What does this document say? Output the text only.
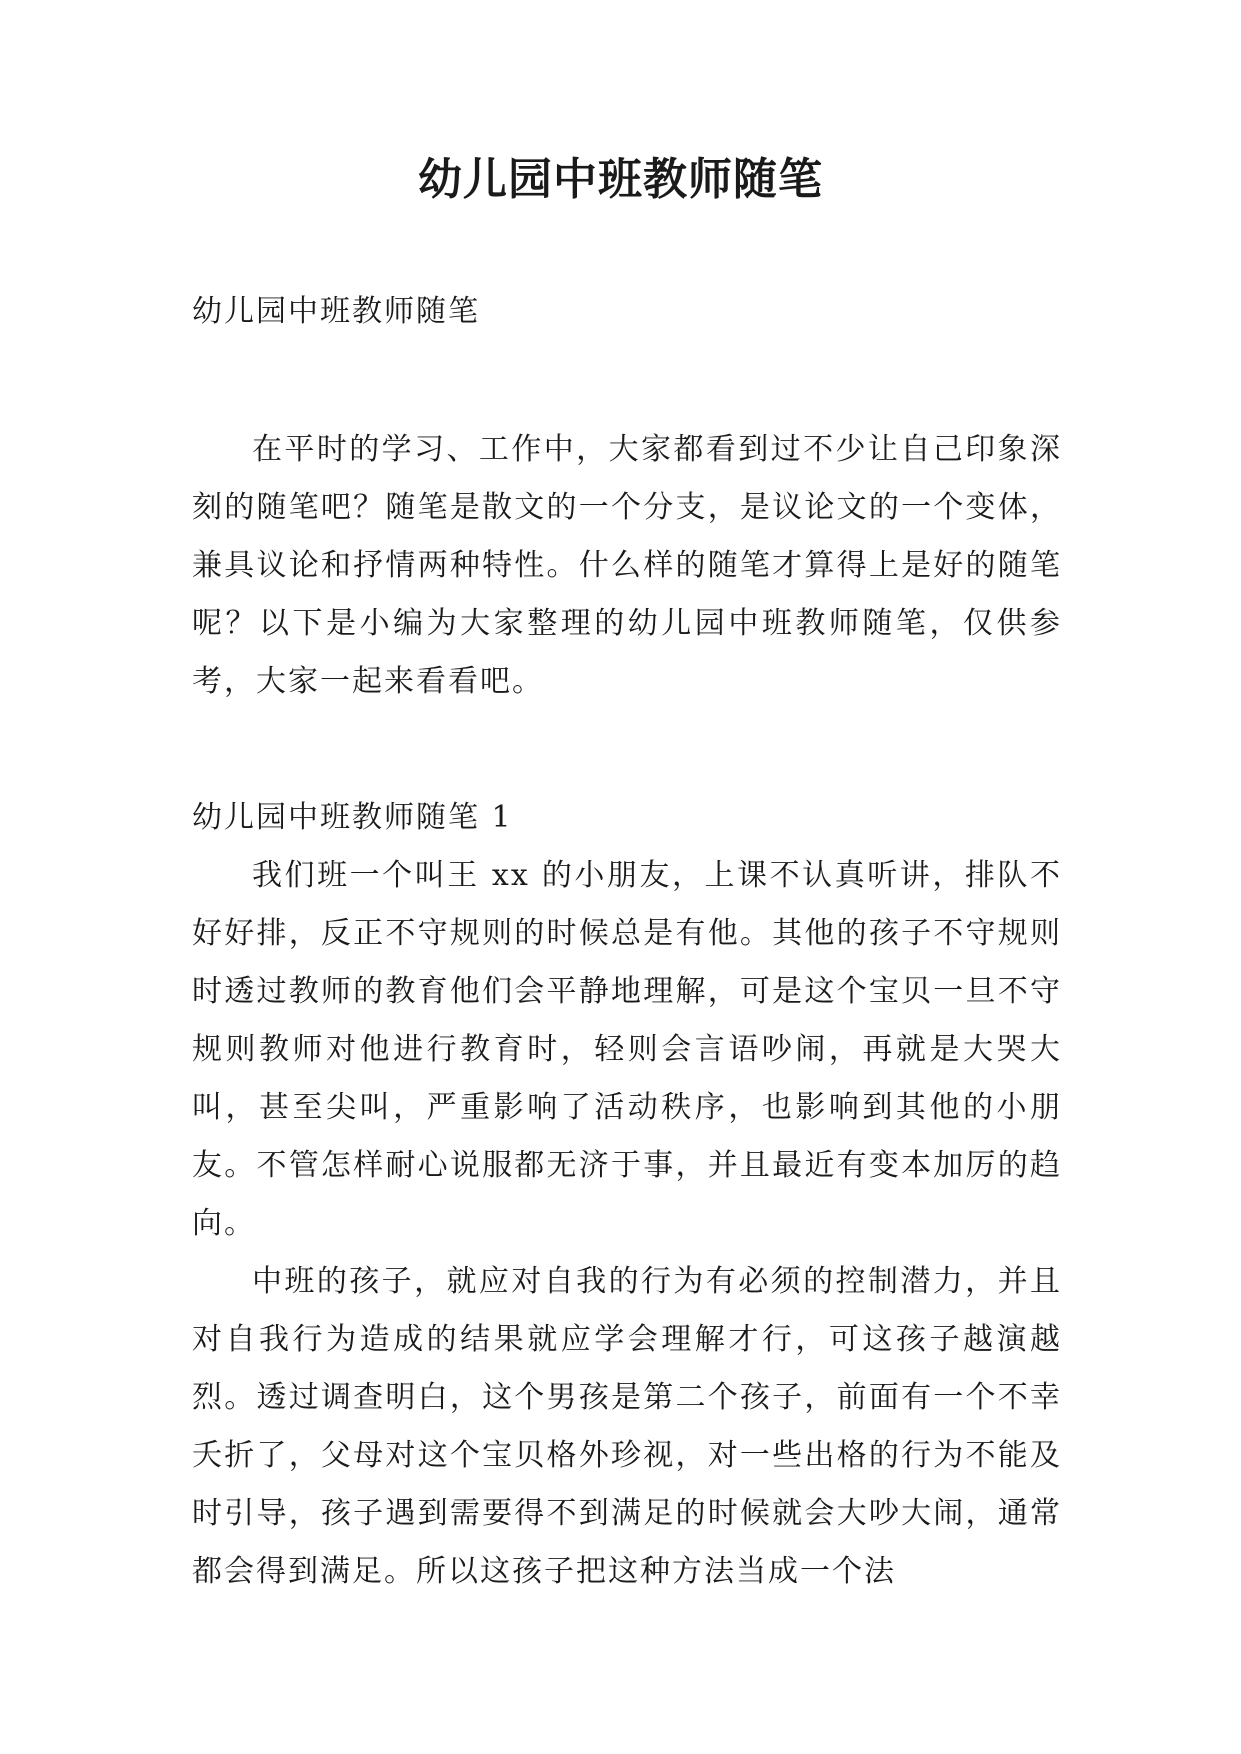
幼儿园中班教师随笔

幼儿园中班教师随笔

在平时的学习、工作中，大家都看到过不少让自己印象深刻的随笔吧？随笔是散文的一个分支，是议论文的一个变体，兼具议论和抒情两种特性。什么样的随笔才算得上是好的随笔呢？以下是小编为大家整理的幼儿园中班教师随笔，仅供参考，大家一起来看看吧。

幼儿园中班教师随笔 1

我们班一个叫王 xx 的小朋友，上课不认真听讲，排队不好好排，反正不守规则的时候总是有他。其他的孩子不守规则时透过教师的教育他们会平静地理解，可是这个宝贝一旦不守规则教师对他进行教育时，轻则会言语吵闹，再就是大哭大叫，甚至尖叫，严重影响了活动秩序，也影响到其他的小朋友。不管怎样耐心说服都无济于事，并且最近有变本加厉的趋向。

中班的孩子，就应对自我的行为有必须的控制潜力，并且对自我行为造成的结果就应学会理解才行，可这孩子越演越烈。透过调查明白，这个男孩是第二个孩子，前面有一个不幸夭折了，父母对这个宝贝格外珍视，对一些出格的行为不能及时引导，孩子遇到需要得不到满足的时候就会大吵大闹，通常都会得到满足。所以这孩子把这种方法当成一个法
